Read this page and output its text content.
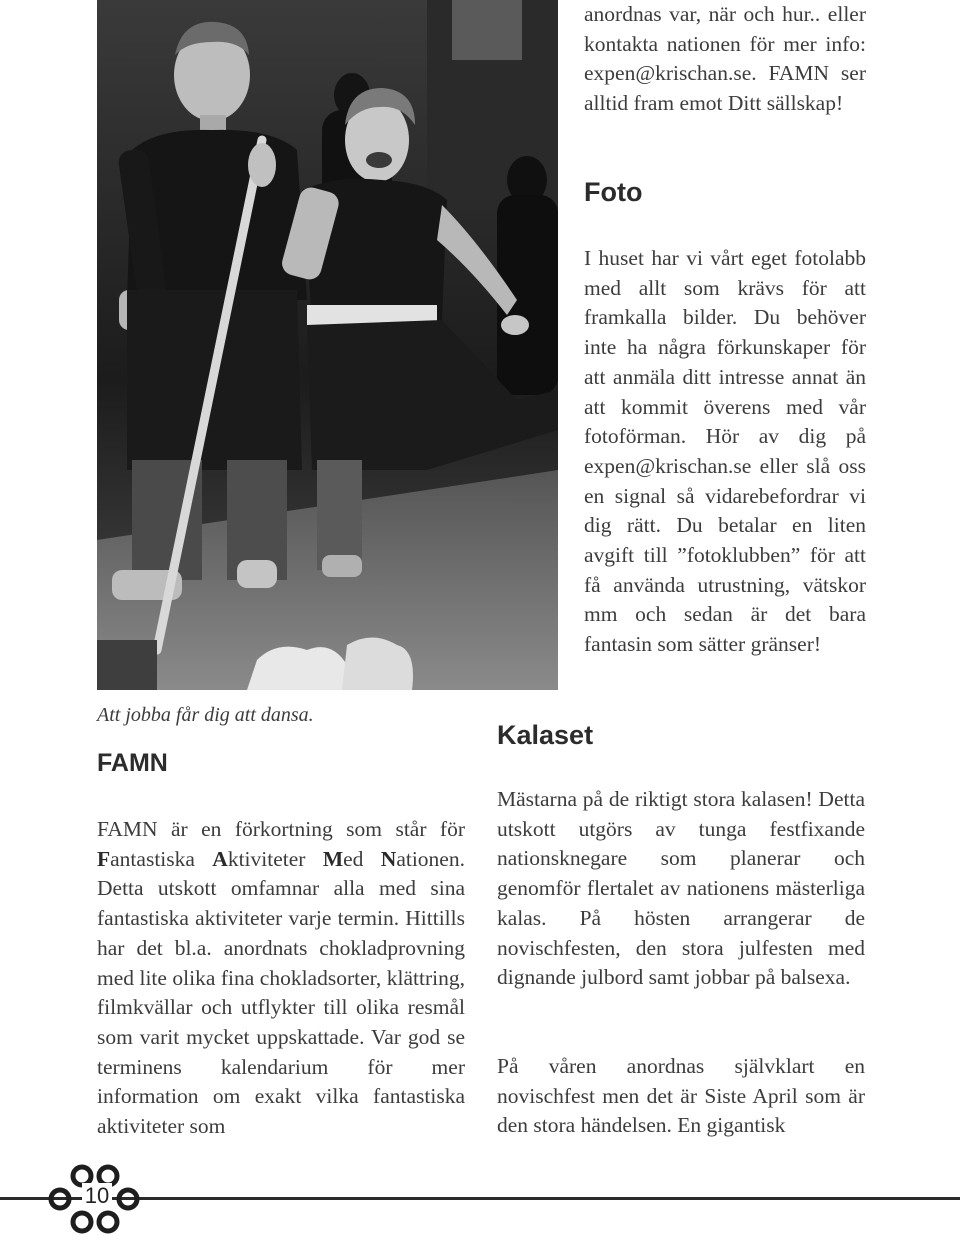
anordnas var, när och hur.. eller kontakta nationen för mer info: expen@krischan.se. FAMN ser alltid fram emot Ditt sällskap!

Foto

I huset har vi vårt eget fotolabb med allt som krävs för att framkalla bilder. Du behöver inte ha några förkunskaper för att anmäla ditt intresse annat än att kommit överens med vår fotoförman. Hör av dig på expen@krischan.se eller slå oss en signal så vidarebefordrar vi dig rätt. Du betalar en liten avgift till ”fotoklubben” för att få använda utrustning, vätskor mm och sedan är det bara fantasin som sätter gränser!

Att jobba får dig att dansa.
FAMN

FAMN är en förkortning som står för Fantastiska Aktiviteter Med Nationen. Detta utskott omfamnar alla med sina fantastiska aktiviteter varje termin. Hittills har det bl.a. anordnats chokladprovning med lite olika fina chokladsorter, klättring, filmkvällar och utflykter till olika resmål som varit mycket uppskattade. Var god se terminens kalendarium för mer information om exakt vilka fantastiska aktiviteter som

Kalaset

Mästarna på de riktigt stora kalasen! Detta utskott utgörs av tunga festfixande nationsknegare som planerar och genomför flertalet av nationens mästerliga kalas. På hösten arrangerar de novischfesten, den stora julfesten med dignande julbord samt jobbar på balsexa.

På våren anordnas självklart en novischfest men det är Siste April som är den stora händelsen. En gigantisk

10
